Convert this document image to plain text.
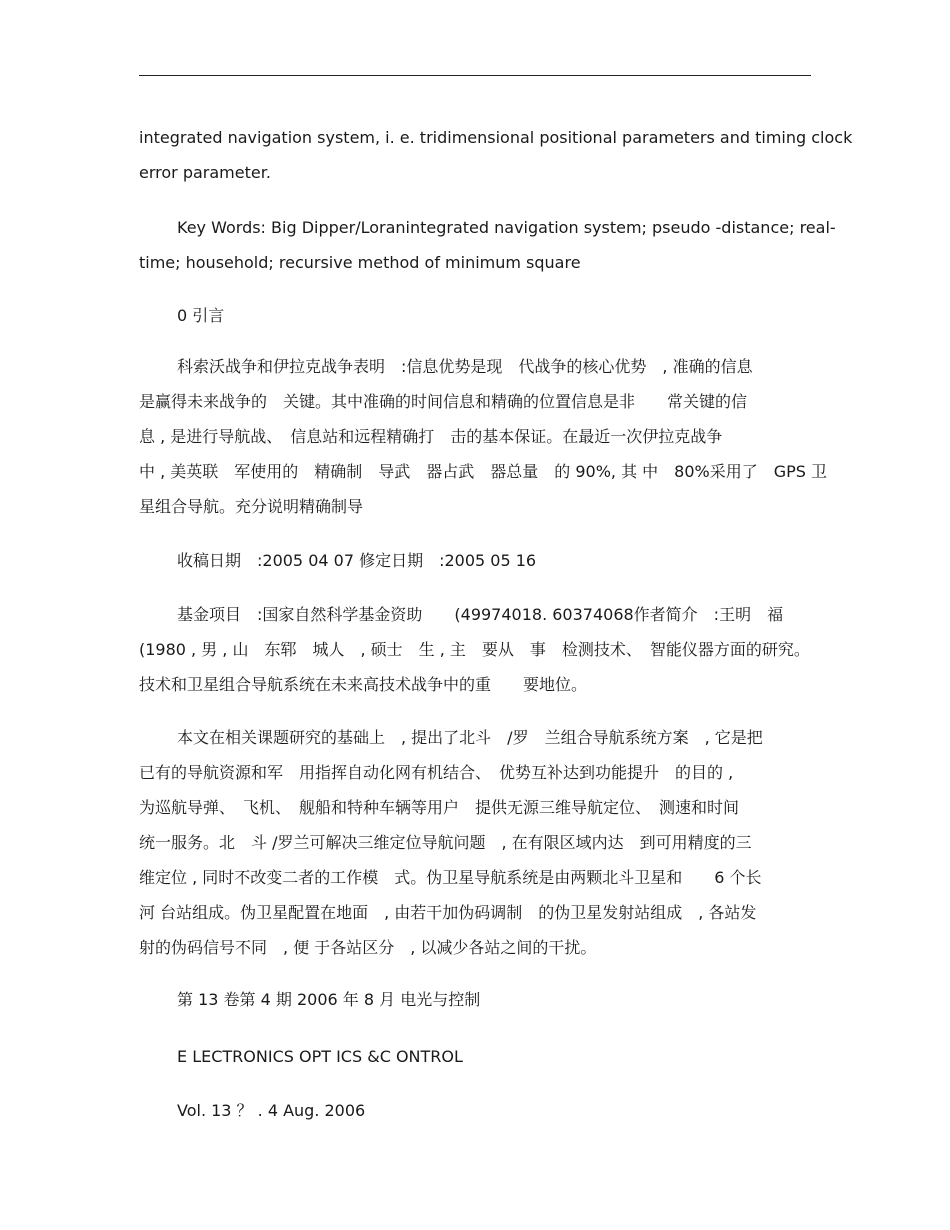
integrated navigation system, i. e. tridimensional positional parameters and timing clock
error parameter.

Key Words: Big Dipper/Loranintegrated navigation system; pseudo -distance; real-
time; household; recursive method of minimum square

0 引言

科索沃战争和伊拉克战争表明　:信息优势是现　代战争的核心优势　, 准确的信息
是赢得未来战争的　关键。其中准确的时间信息和精确的位置信息是非　　常关键的信
息 , 是进行导航战、　信息站和远程精确打　击的基本保证。在最近一次伊拉克战争
中 , 美英联　军使用的　精确制　导武　器占武　器总量　的 90%, 其 中　80%采用了　GPS 卫
星组合导航。充分说明精确制导

收稿日期　:2005 04 07 修定日期　:2005 05 16

基金项目　:国家自然科学基金资助　　(49974018. 60374068作者简介　:王明　福
(1980 , 男 , 山　东郓　城人　, 硕士　生 , 主　要从　事　检测技术、　智能仪器方面的研究。
技术和卫星组合导航系统在未来高技术战争中的重　　要地位。

本文在相关课题研究的基础上　, 提出了北斗　/罗　兰组合导航系统方案　, 它是把
已有的导航资源和军　用指挥自动化网有机结合、　优势互补达到功能提升　的目的 ,
为巡航导弹、　飞机、　舰船和特种车辆等用户　提供无源三维导航定位、　测速和时间
统一服务。北　斗 /罗兰可解决三维定位导航问题　, 在有限区域内达　到可用精度的三
维定位 , 同时不改变二者的工作模　式。伪卫星导航系统是由两颗北斗卫星和　　6 个长
河 台站组成。伪卫星配置在地面　, 由若干加伪码调制　的伪卫星发射站组成　, 各站发
射的伪码信号不同　, 便 于各站区分　, 以减少各站之间的干扰。

第 13 卷第 4 期 2006 年 8 月 电光与控制

E LECTRONICS OPT ICS &C ONTROL

Vol. 13 ？ . 4 Aug. 2006
